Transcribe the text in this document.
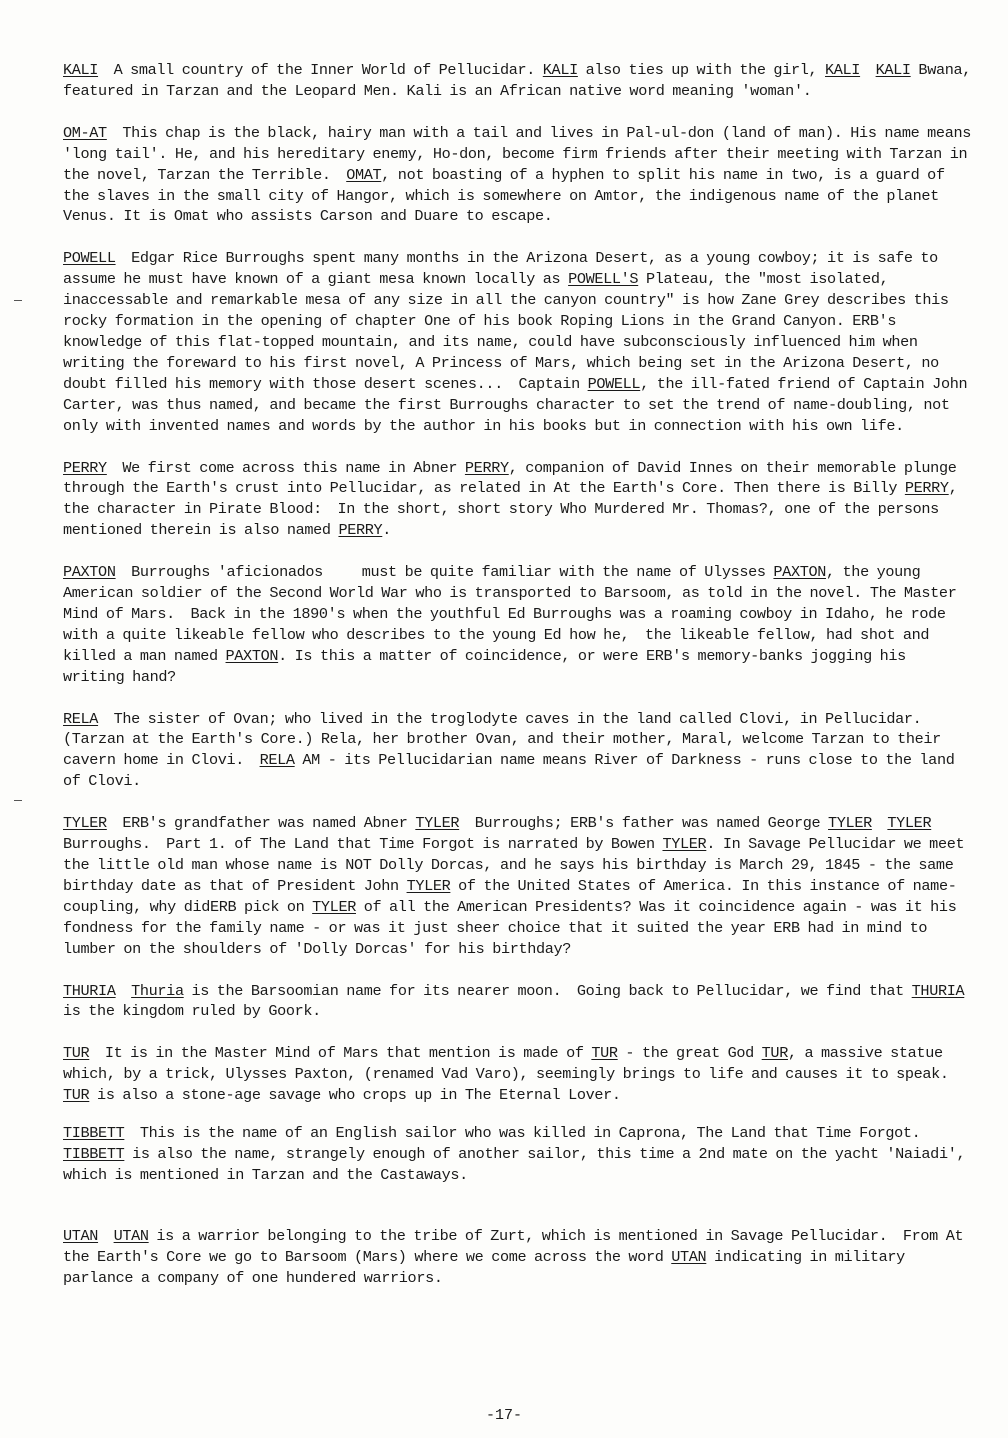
KALI  A small country of the Inner World of Pellucidar. KALI also ties up with the girl, KALI KALI Bwana, featured in Tarzan and the Leopard Men. Kali is an African native word meaning 'woman'.

OM-AT  This chap is the black, hairy man with a tail and lives in Pal-ul-don (land of man). His name means 'long tail'. He, and his hereditary enemy, Ho-don, become firm friends after their meeting with Tarzan in the novel, Tarzan the Terrible.  OMAT, not boasting of a hyphen to split his name in two, is a guard of the slaves in the small city of Hangor, which is somewhere on Amtor, the indigenous name of the planet Venus. It is Omat who assists Carson and Duare to escape.

POWELL  Edgar Rice Burroughs spent many months in the Arizona Desert, as a young cowboy; it is safe to assume he must have known of a giant mesa known locally as POWELL'S Plateau, the "most isolated, inaccessable and remarkable mesa of any size in all the canyon country" is how Zane Grey describes this rocky formation in the opening of chapter One of his book Roping Lions in the Grand Canyon. ERB's knowledge of this flat-topped mountain, and its name, could have subconsciously influenced him when writing the foreward to his first novel, A Princess of Mars, which being set in the Arizona Desert, no doubt filled his memory with those desert scenes...  Captain POWELL, the ill-fated friend of Captain John Carter, was thus named, and became the first Burroughs character to set the trend of name-doubling, not only with invented names and words by the author in his books but in connection with his own life.

PERRY  We first come across this name in Abner PERRY, companion of David Innes on their memorable plunge through the Earth's crust into Pellucidar, as related in At the Earth's Core. Then there is Billy PERRY, the character in Pirate Blood:  In the short, short story Who Murdered Mr. Thomas?, one of the persons mentioned therein is also named PERRY.

PAXTON  Burroughs 'aficionados     must be quite familiar with the name of Ulysses PAXTON, the young American soldier of the Second World War who is transported to Barsoom, as told in the novel. The Master Mind of Mars.  Back in the 1890's when the youthful Ed Burroughs was a roaming cowboy in Idaho, he rode with a quite likeable fellow who describes to the young Ed how he,  the likeable fellow, had shot and killed a man named PAXTON. Is this a matter of coincidence, or were ERB's memory-banks jogging his writing hand?

RELA  The sister of Ovan; who lived in the troglodyte caves in the land called Clovi, in Pellucidar. (Tarzan at the Earth's Core.) Rela, her brother Ovan, and their mother, Maral, welcome Tarzan to their cavern home in Clovi.  RELA AM - its Pellucidarian name means River of Darkness - runs close to the land of Clovi.

TYLER  ERB's grandfather was named Abner TYLER  Burroughs; ERB's father was named George TYLER TYLER Burroughs.  Part 1. of The Land that Time Forgot is narrated by Bowen TYLER. In Savage Pellucidar we meet the little old man whose name is NOT Dolly Dorcas, and he says his birthday is March 29, 1845 - the same birthday date as that of President John TYLER of the United States of America. In this instance of name-coupling, why didERB pick on TYLER of all the American Presidents? Was it coincidence again - was it his fondness for the family name - or was it just sheer choice that it suited the year ERB had in mind to lumber on the shoulders of 'Dolly Dorcas' for his birthday?

THURIA Thuria is the Barsoomian name for its nearer moon.  Going back to Pellucidar, we find that THURIA is the kingdom ruled by Goork.

TUR  It is in the Master Mind of Mars that mention is made of TUR - the great God TUR, a massive statue which, by a trick, Ulysses Paxton, (renamed Vad Varo), seemingly brings to life and causes it to speak. TUR is also a stone-age savage who crops up in The Eternal Lover.

TIBBETT  This is the name of an English sailor who was killed in Caprona, The Land that Time Forgot.  TIBBETT is also the name, strangely enough of another sailor, this time a 2nd mate on the yacht 'Naiadi', which is mentioned in Tarzan and the Castaways.

UTAN UTAN is a warrior belonging to the tribe of Zurt, which is mentioned in Savage Pellucidar.  From At the Earth's Core we go to Barsoom (Mars) where we come across the word UTAN indicating in military parlance a company of one hundered warriors.

-17-
